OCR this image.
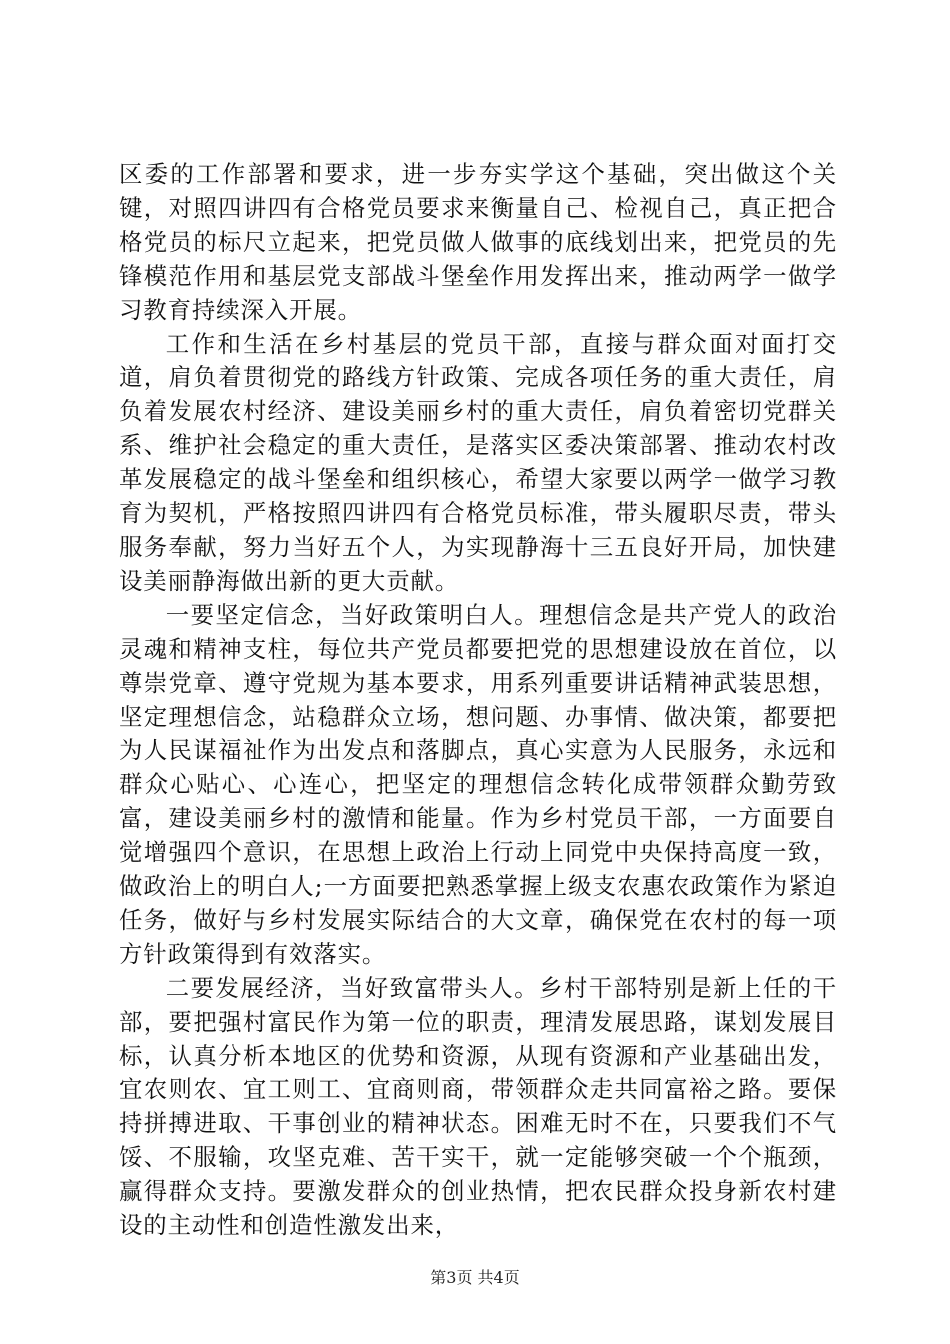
区委的工作部署和要求，进一步夯实学这个基础，突出做这个关键，对照四讲四有合格党员要求来衡量自己、检视自己，真正把合格党员的标尺立起来，把党员做人做事的底线划出来，把党员的先锋模范作用和基层党支部战斗堡垒作用发挥出来，推动两学一做学习教育持续深入开展。

工作和生活在乡村基层的党员干部，直接与群众面对面打交道，肩负着贯彻党的路线方针政策、完成各项任务的重大责任，肩负着发展农村经济、建设美丽乡村的重大责任，肩负着密切党群关系、维护社会稳定的重大责任，是落实区委决策部署、推动农村改革发展稳定的战斗堡垒和组织核心，希望大家要以两学一做学习教育为契机，严格按照四讲四有合格党员标准，带头履职尽责，带头服务奉献，努力当好五个人，为实现静海十三五良好开局，加快建设美丽静海做出新的更大贡献。

一要坚定信念，当好政策明白人。理想信念是共产党人的政治灵魂和精神支柱，每位共产党员都要把党的思想建设放在首位，以尊崇党章、遵守党规为基本要求，用系列重要讲话精神武装思想，坚定理想信念，站稳群众立场，想问题、办事情、做决策，都要把为人民谋福祉作为出发点和落脚点，真心实意为人民服务，永远和群众心贴心、心连心，把坚定的理想信念转化成带领群众勤劳致富，建设美丽乡村的激情和能量。作为乡村党员干部，一方面要自觉增强四个意识，在思想上政治上行动上同党中央保持高度一致，做政治上的明白人;一方面要把熟悉掌握上级支农惠农政策作为紧迫任务，做好与乡村发展实际结合的大文章，确保党在农村的每一项方针政策得到有效落实。

二要发展经济，当好致富带头人。乡村干部特别是新上任的干部，要把强村富民作为第一位的职责，理清发展思路，谋划发展目标，认真分析本地区的优势和资源，从现有资源和产业基础出发，宜农则农、宜工则工、宜商则商，带领群众走共同富裕之路。要保持拼搏进取、干事创业的精神状态。困难无时不在，只要我们不气馁、不服输，攻坚克难、苦干实干，就一定能够突破一个个瓶颈，赢得群众支持。要激发群众的创业热情，把农民群众投身新农村建设的主动性和创造性激发出来，

第3页 共4页
